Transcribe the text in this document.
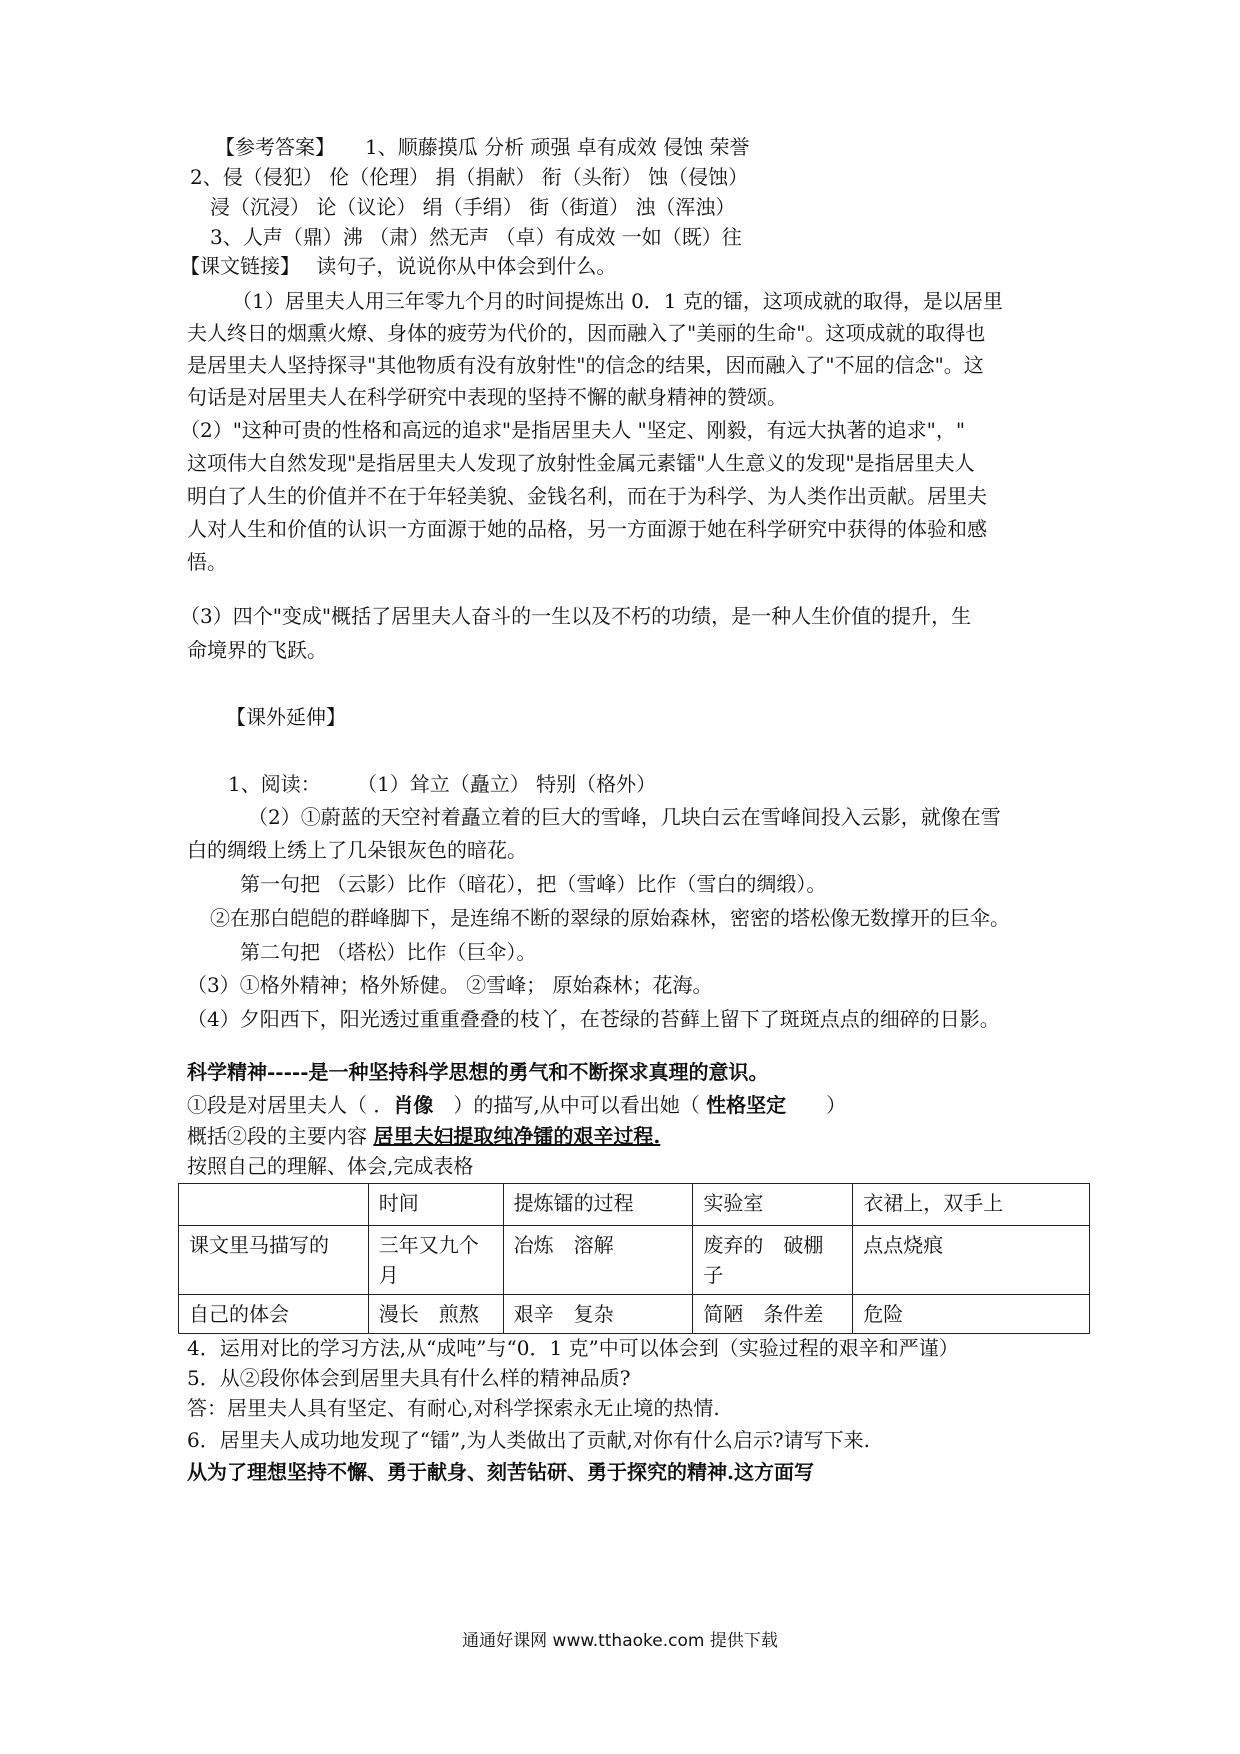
【参考答案】　　1、顺藤摸瓜 分析 顽强 卓有成效 侵蚀 荣誉
2、侵（侵犯） 伦（伦理） 捐（捐献） 衔（头衔） 蚀（侵蚀）
浸（沉浸） 论（议论） 绢（手绢） 街（街道） 浊（浑浊）
3、人声（鼎）沸 （肃）然无声 （卓）有成效 一如（既）往
【课文链接】　 读句子，说说你从中体会到什么。
（1）居里夫人用三年零九个月的时间提炼出 0．1 克的镭，这项成就的取得，是以居里
夫人终日的烟熏火燎、身体的疲劳为代价的，因而融入了"美丽的生命"。这项成就的取得也
是居里夫人坚持探寻"其他物质有没有放射性"的信念的结果，因而融入了"不屈的信念"。这
句话是对居里夫人在科学研究中表现的坚持不懈的献身精神的赞颂。
（2）"这种可贵的性格和高远的追求"是指居里夫人 "坚定、刚毅，有远大执著的追求"，"
这项伟大自然发现"是指居里夫人发现了放射性金属元素镭"人生意义的发现"是指居里夫人
明白了人生的价值并不在于年轻美貌、金钱名利，而在于为科学、为人类作出贡献。居里夫
人对人生和价值的认识一方面源于她的品格，另一方面源于她在科学研究中获得的体验和感
悟。
（3）四个"变成"概括了居里夫人奋斗的一生以及不朽的功绩，是一种人生价值的提升，生
命境界的飞跃。
【课外延伸】
1、阅读：　　 （1）耸立（矗立） 特别（格外）
（2）①蔚蓝的天空衬着矗立着的巨大的雪峰，几块白云在雪峰间投入云影，就像在雪
白的绸缎上绣上了几朵银灰色的暗花。
第一句把 （云影）比作（暗花），把（雪峰）比作（雪白的绸缎）。
②在那白皑皑的群峰脚下，是连绵不断的翠绿的原始森林，密密的塔松像无数撑开的巨伞。
第二句把 （塔松）比作（巨伞）。
（3）①格外精神；格外矫健。 ②雪峰； 原始森林；花海。
（4）夕阳西下，阳光透过重重叠叠的枝丫，在苍绿的苔藓上留下了斑斑点点的细碎的日影。
科学精神-----是一种坚持科学思想的勇气和不断探求真理的意识。
①段是对居里夫人（ ．肖像　）的描写,从中可以看出她（ 性格坚定　　）
概括②段的主要内容 居里夫妇提取纯净镭的艰辛过程.
按照自己的理解、体会,完成表格
	时间	提炼镭的过程	实验室	衣裙上，双手上
课文里马描写的	三年又九个月	冶炼　溶解	废弃的　破棚子	点点烧痕
自己的体会	漫长　煎熬	艰辛　复杂	简陋　条件差	危险
4．运用对比的学习方法,从“成吨”与“0．1 克”中可以体会到（实验过程的艰辛和严谨）
5．从②段你体会到居里夫具有什么样的精神品质?
答：居里夫人具有坚定、有耐心,对科学探索永无止境的热情.
6．居里夫人成功地发现了“镭”,为人类做出了贡献,对你有什么启示?请写下来.
从为了理想坚持不懈、勇于献身、刻苦钻研、勇于探究的精神.这方面写
通通好课网 www.tthaoke.com 提供下载
